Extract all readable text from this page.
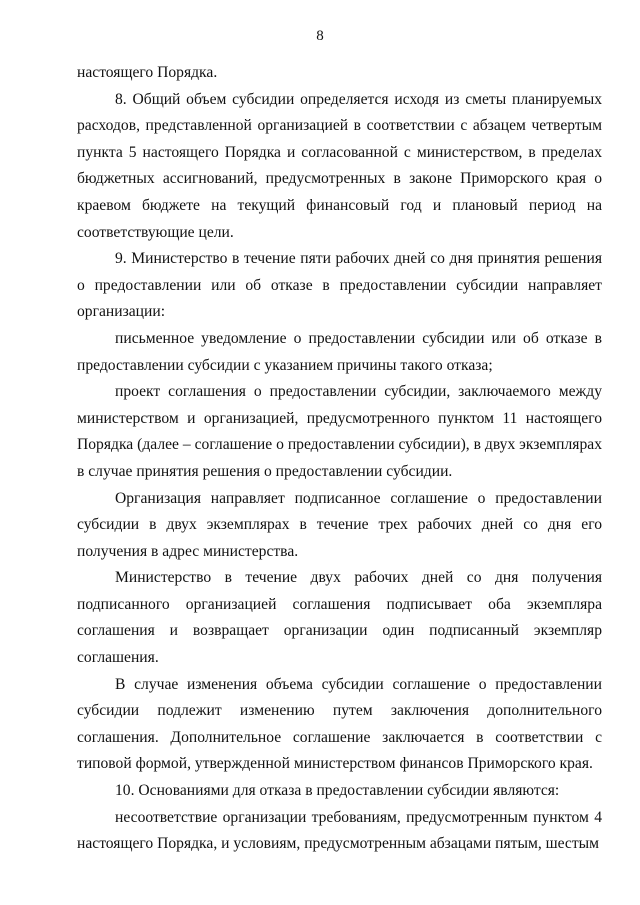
8

настоящего Порядка.

8. Общий объем субсидии определяется исходя из сметы планируемых расходов, представленной организацией в соответствии с абзацем четвертым пункта 5 настоящего Порядка и согласованной с министерством, в пределах бюджетных ассигнований, предусмотренных в законе Приморского края о краевом бюджете на текущий финансовый год и плановый период на соответствующие цели.

9. Министерство в течение пяти рабочих дней со дня принятия решения о предоставлении или об отказе в предоставлении субсидии направляет организации:

письменное уведомление о предоставлении субсидии или об отказе в предоставлении субсидии с указанием причины такого отказа;

проект соглашения о предоставлении субсидии, заключаемого между министерством и организацией, предусмотренного пунктом 11 настоящего Порядка (далее – соглашение о предоставлении субсидии), в двух экземплярах в случае принятия решения о предоставлении субсидии.

Организация направляет подписанное соглашение о предоставлении субсидии в двух экземплярах в течение трех рабочих дней со дня его получения в адрес министерства.

Министерство в течение двух рабочих дней со дня получения подписанного организацией соглашения подписывает оба экземпляра соглашения и возвращает организации один подписанный экземпляр соглашения.

В случае изменения объема субсидии соглашение о предоставлении субсидии подлежит изменению путем заключения дополнительного соглашения. Дополнительное соглашение заключается в соответствии с типовой формой, утвержденной министерством финансов Приморского края.

10. Основаниями для отказа в предоставлении субсидии являются:

несоответствие организации требованиям, предусмотренным пунктом 4 настоящего Порядка, и условиям, предусмотренным абзацами пятым, шестым
